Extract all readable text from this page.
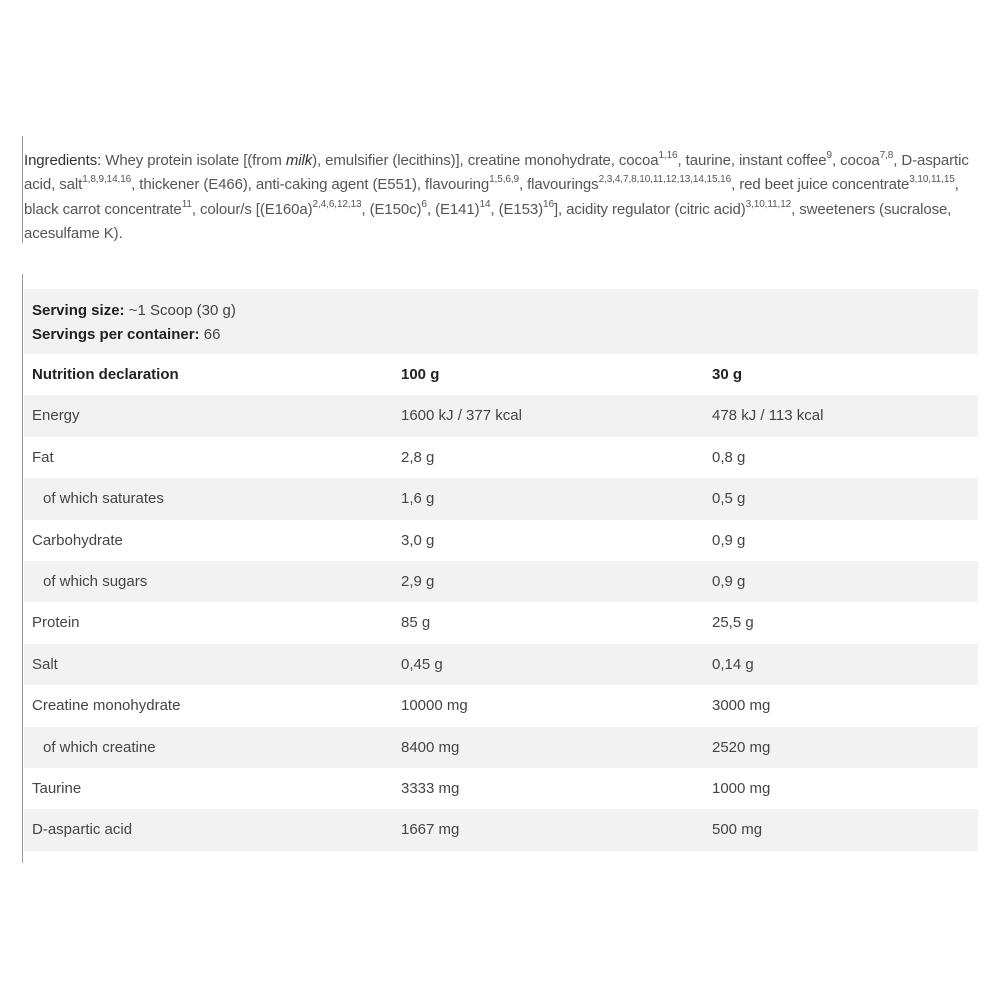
Ingredients: Whey protein isolate [(from milk), emulsifier (lecithins)], creatine monohydrate, cocoa$^{1,16}$, taurine, instant coffee$^9$, cocoa$^{7,8}$, D-aspartic acid, salt$^{1,8,9,14,16}$, thickener (E466), anti-caking agent (E551), flavouring$^{1,5,6,9}$, flavourings$^{2,3,4,7,8,10,11,12,13,14,15,16}$, red beet juice concentrate$^{3,10,11,15}$, black carrot concentrate$^{11}$, colour/s [$(E160a)^{2,4,6,12,13}$, $(E150c)^6$, $(E141)^{14}$, $(E153)^{16}$], acidity regulator (citric acid)$^{3,10,11,12}$, sweeteners (sucralose, acesulfame K).

Serving size: ~1 Scoop (30 g)
Servings per container: 66
Nutrition declaration	100 g	30 g
Energy	1600 kJ / 377 kcal	478 kJ / 113 kcal
Fat	2,8 g	0,8 g
of which saturates	1,6 g	0,5 g
Carbohydrate	3,0 g	0,9 g
of which sugars	2,9 g	0,9 g
Protein	85 g	25,5 g
Salt	0,45 g	0,14 g
Creatine monohydrate	10000 mg	3000 mg
of which creatine	8400 mg	2520 mg
Taurine	3333 mg	1000 mg
D-aspartic acid	1667 mg	500 mg
